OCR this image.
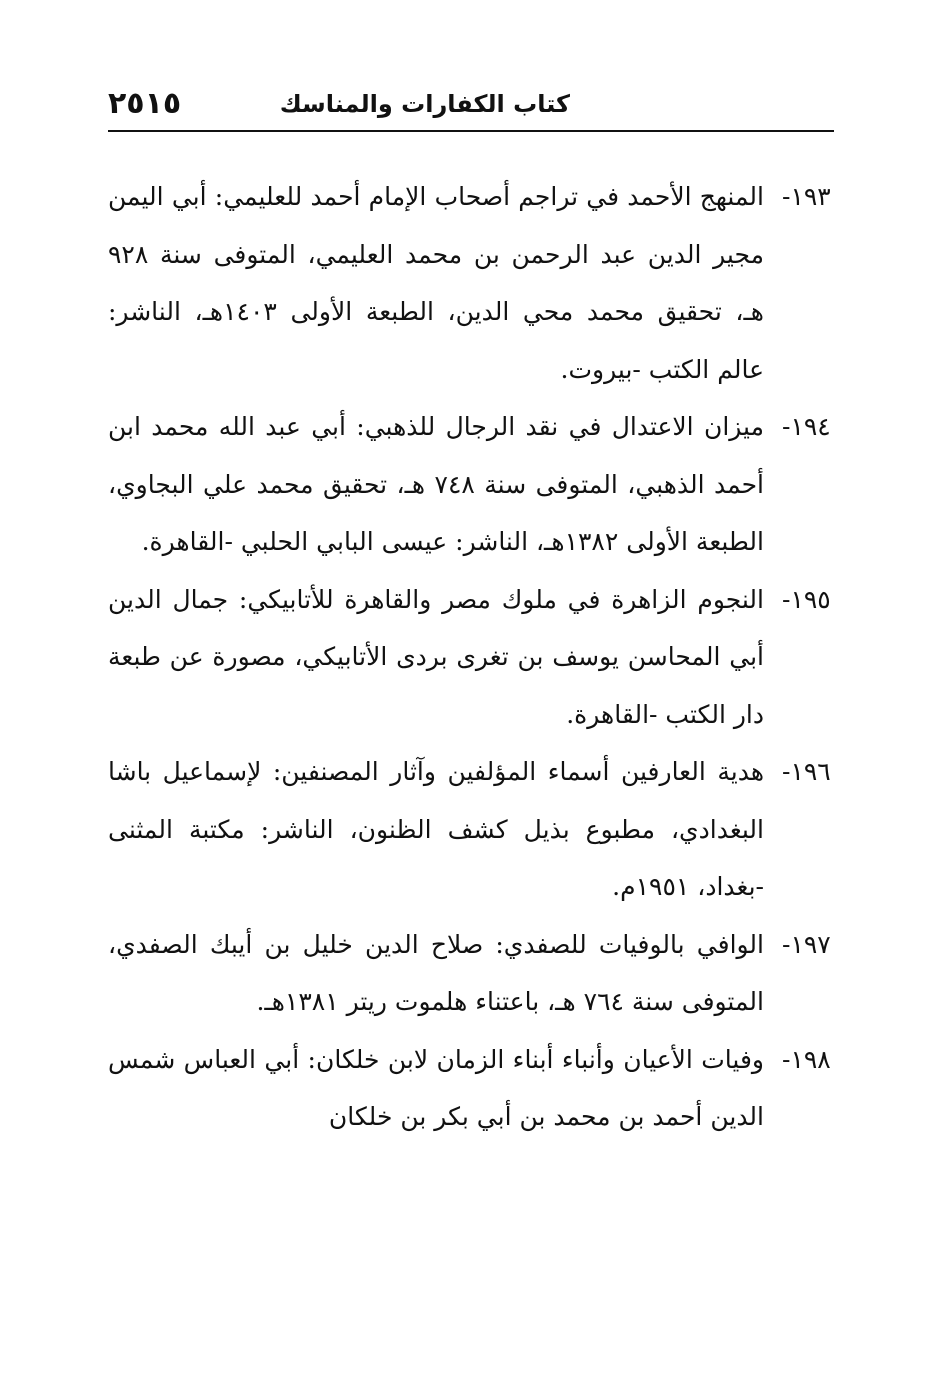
كتاب الكفارات والمناسك
٢٥١٥
١٩٣-
المنهج الأحمد في تراجم أصحاب الإمام أحمد للعليمي: أبي اليمن مجير الدين عبد الرحمن بن محمد العليمي، المتوفى سنة ٩٢٨ هـ، تحقيق محمد محي الدين، الطبعة الأولى ١٤٠٣هـ، الناشر: عالم الكتب -بيروت.
١٩٤-
ميزان الاعتدال في نقد الرجال للذهبي: أبي عبد الله محمد ابن أحمد الذهبي، المتوفى سنة ٧٤٨ هـ، تحقيق محمد علي البجاوي، الطبعة الأولى ١٣٨٢هـ، الناشر: عيسى البابي الحلبي -القاهرة.
١٩٥-
النجوم الزاهرة في ملوك مصر والقاهرة للأتابيكي: جمال الدين أبي المحاسن يوسف بن تغرى بردى الأتابيكي، مصورة عن طبعة دار الكتب -القاهرة.
١٩٦-
هدية العارفين أسماء المؤلفين وآثار المصنفين: لإسماعيل باشا البغدادي، مطبوع بذيل كشف الظنون، الناشر: مكتبة المثنى -بغداد، ١٩٥١م.
١٩٧-
الوافي بالوفيات للصفدي: صلاح الدين خليل بن أيبك الصفدي، المتوفى سنة ٧٦٤ هـ، باعتناء هلموت ريتر ١٣٨١هـ.
١٩٨-
وفيات الأعيان وأنباء أبناء الزمان لابن خلكان: أبي العباس شمس الدين أحمد بن محمد بن أبي بكر بن خلكان
